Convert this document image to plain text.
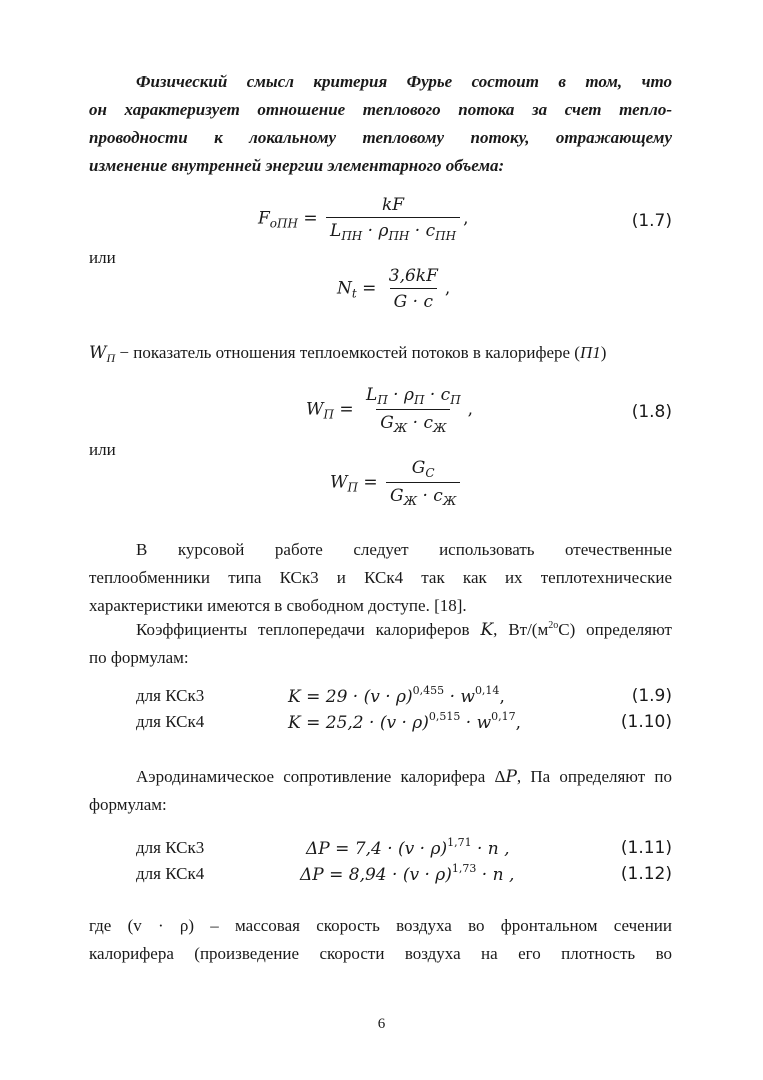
Физический смысл критерия Фурье состоит в том, что
он характеризует отношение теплового потока за счет тепло-
проводности к локальному тепловому потоку, отражающему
изменение внутренней энергии элементарного объема:
$F_{oПН} = \frac{kF}{L_{ПН} \cdot \rho_{ПН} \cdot c_{ПН}}$ ,	(1.7)
или
$N_t = \frac{3,6kF}{G \cdot c}$ ,
$W_П$ − показатель отношения теплоемкостей потоков в калорифере (П1)
$W_П = \frac{L_П \cdot \rho_П \cdot c_П}{G_Ж \cdot c_Ж}$ ,	(1.8)
или
$W_П = \frac{G_C}{G_Ж \cdot c_Ж}$
В курсовой работе следует использовать отечественные
теплообменники типа КСк3 и КСк4 так как их теплотехнические
характеристики имеются в свободном доступе. [18].
Коэффициенты теплопередачи калориферов K, $Вт/(м^{2о}С)$ определяют
по формулам:
для КСк3	$K = 29 \cdot (v \cdot \rho)^{0,455} \cdot w^{0,14}$,	(1.9)
для КСк4	$K = 25,2 \cdot (v \cdot \rho)^{0,515} \cdot w^{0,17}$,	(1.10)
Аэродинамическое сопротивление калорифера ΔP, Па определяют по
формулам:
для КСк3	$\Delta P = 7,4 \cdot (v \cdot \rho)^{1,71} \cdot n$ ,	(1.11)
для КСк4	$\Delta P = 8,94 \cdot (v \cdot \rho)^{1,73} \cdot n$ ,	(1.12)
где (v · ρ) – массовая скорость воздуха во фронтальном сечении
калорифера (произведение скорости воздуха на его плотность во
6
